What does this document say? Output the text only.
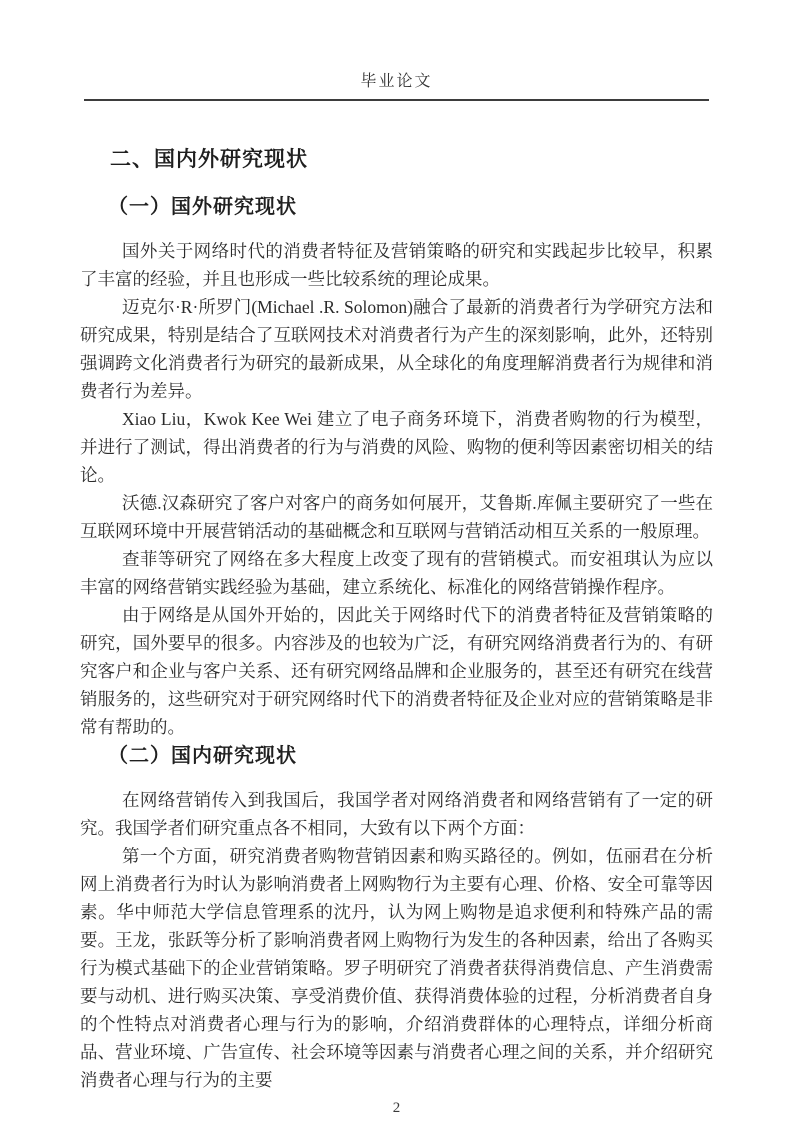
毕业论文
二、国内外研究现状
（一）国外研究现状

国外关于网络时代的消费者特征及营销策略的研究和实践起步比较早，积累了丰富的经验，并且也形成一些比较系统的理论成果。

迈克尔·R·所罗门(Michael .R. Solomon)融合了最新的消费者行为学研究方法和研究成果，特别是结合了互联网技术对消费者行为产生的深刻影响，此外，还特别强调跨文化消费者行为研究的最新成果，从全球化的角度理解消费者行为规律和消费者行为差异。

Xiao Liu，Kwok Kee Wei 建立了电子商务环境下，消费者购物的行为模型，并进行了测试，得出消费者的行为与消费的风险、购物的便利等因素密切相关的结论。

沃德.汉森研究了客户对客户的商务如何展开，艾鲁斯.库佩主要研究了一些在互联网环境中开展营销活动的基础概念和互联网与营销活动相互关系的一般原理。

查菲等研究了网络在多大程度上改变了现有的营销模式。而安祖琪认为应以丰富的网络营销实践经验为基础，建立系统化、标准化的网络营销操作程序。

由于网络是从国外开始的，因此关于网络时代下的消费者特征及营销策略的研究，国外要早的很多。内容涉及的也较为广泛，有研究网络消费者行为的、有研究客户和企业与客户关系、还有研究网络品牌和企业服务的，甚至还有研究在线营销服务的，这些研究对于研究网络时代下的消费者特征及企业对应的营销策略是非常有帮助的。

（二）国内研究现状

在网络营销传入到我国后，我国学者对网络消费者和网络营销有了一定的研究。我国学者们研究重点各不相同，大致有以下两个方面：

第一个方面，研究消费者购物营销因素和购买路径的。例如，伍丽君在分析网上消费者行为时认为影响消费者上网购物行为主要有心理、价格、安全可靠等因素。华中师范大学信息管理系的沈丹，认为网上购物是追求便利和特殊产品的需要。王龙，张跃等分析了影响消费者网上购物行为发生的各种因素，给出了各购买行为模式基础下的企业营销策略。罗子明研究了消费者获得消费信息、产生消费需要与动机、进行购买决策、享受消费价值、获得消费体验的过程，分析消费者自身的个性特点对消费者心理与行为的影响，介绍消费群体的心理特点，详细分析商品、营业环境、广告宣传、社会环境等因素与消费者心理之间的关系，并介绍研究消费者心理与行为的主要

2
